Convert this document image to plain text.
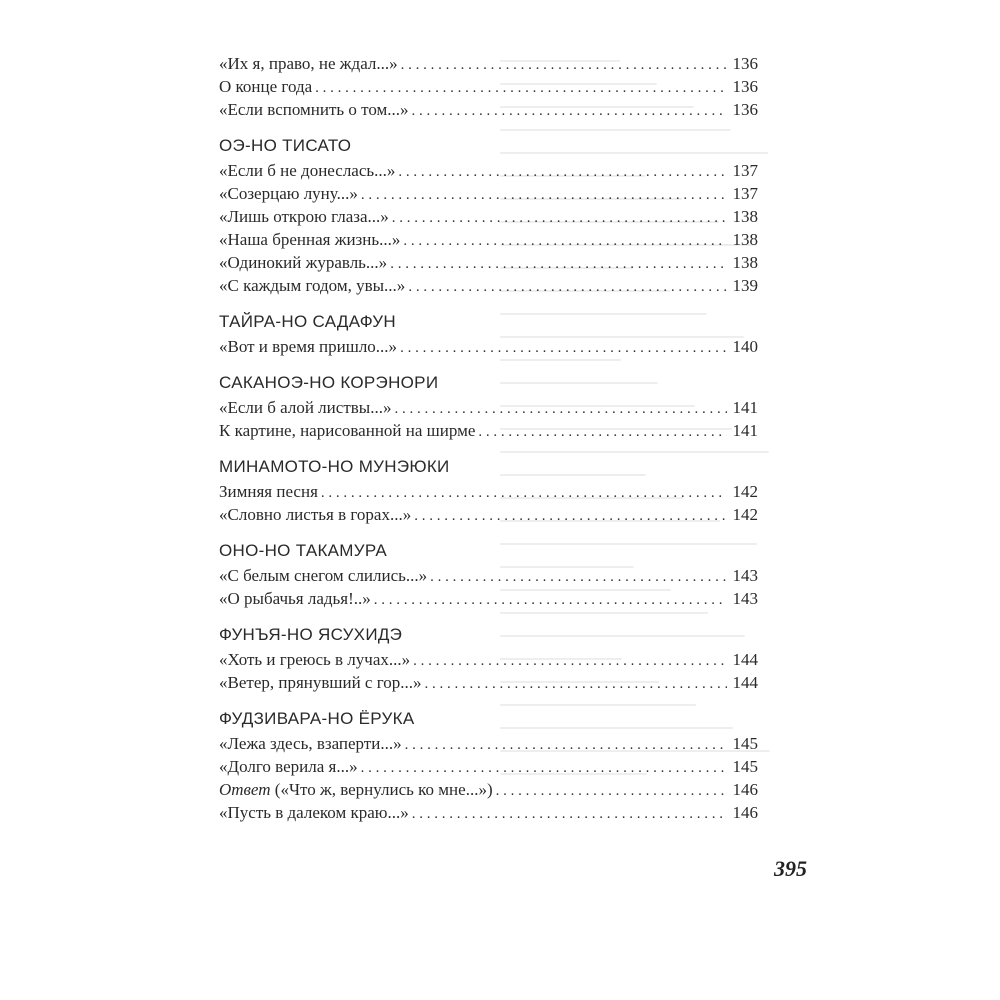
«Их я, право, не ждал...» . . .	136
О конце года . . .	136
«Если вспомнить о том...» . . .	136
ОЭ-НО ТИСАТО
«Если б не донеслась...» . . .	137
«Созерцаю луну...» . . .	137
«Лишь открою глаза...» . . .	138
«Наша бренная жизнь...» . . .	138
«Одинокий журавль...» . . .	138
«С каждым годом, увы...» . . .	139
ТАЙРА-НО САДАФУН
«Вот и время пришло...» . . .	140
САКАНОЭ-НО КОРЭНОРИ
«Если б алой листвы...» . . .	141
К картине, нарисованной на ширме . . .	141
МИНАМОТО-НО МУНЭЮКИ
Зимняя песня . . .	142
«Словно листья в горах...» . . .	142
ОНО-НО ТАКАМУРА
«С белым снегом слились...» . . .	143
«О рыбачья ладья!..» . . .	143
ФУНЪЯ-НО ЯСУХИДЭ
«Хоть и греюсь в лучах...» . . .	144
«Ветер, прянувший с гор...» . . .	144
ФУДЗИВАРА-НО ЁРУКА
«Лежа здесь, взаперти...» . . .	145
«Долго верила я...» . . .	145
Ответ («Что ж, вернулись ко мне...») . . .	146
«Пусть в далеком краю...» . . .	146
395
